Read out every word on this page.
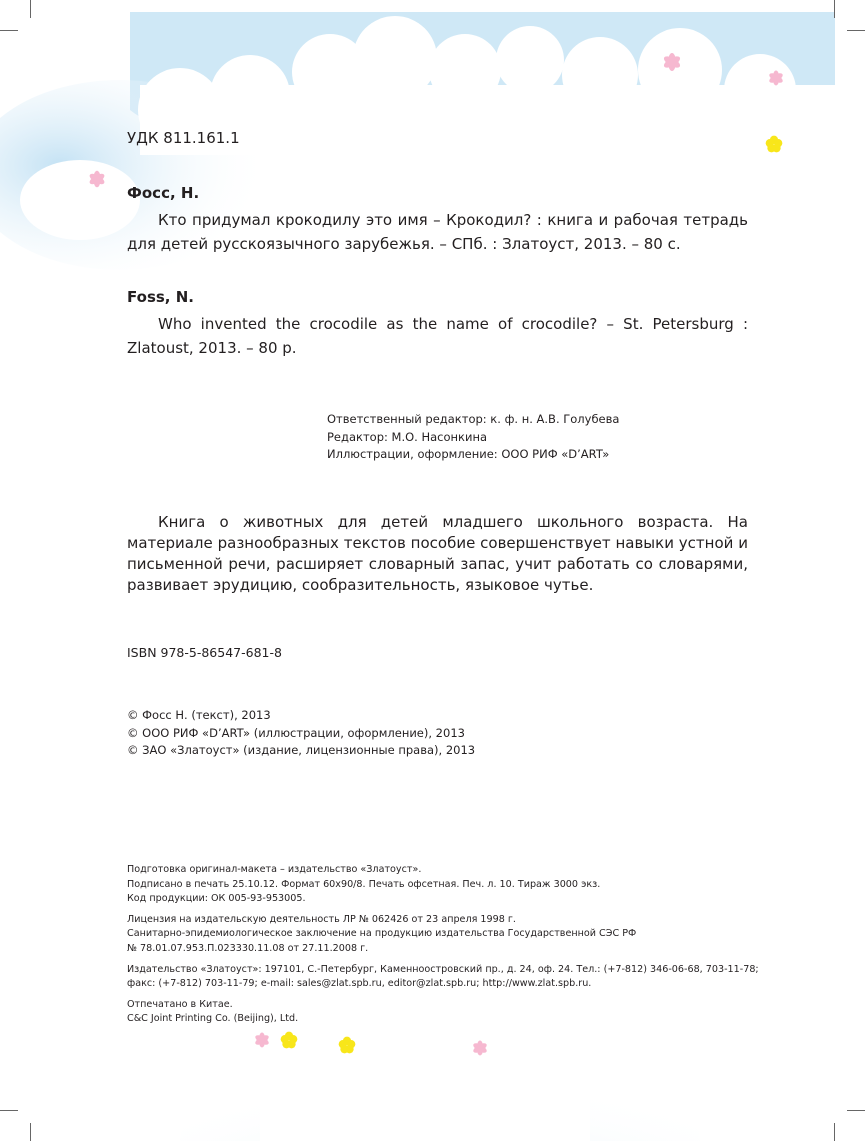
УДК 811.161.1
Фосс, Н.

Кто придумал крокодилу это имя – Крокодил? : книга и рабочая тетрадь для детей русскоязычного зарубежья. – СПб. : Златоуст, 2013. – 80 с.

Foss, N.

Who invented the crocodile as the name of crocodile? – St. Petersburg : Zlatoust, 2013. – 80 p.

Ответственный редактор: к. ф. н. А.В. Голубева
Редактор: М.О. Насонкина
Иллюстрации, оформление: ООО РИФ «D’ART»

Книга о животных для детей младшего школьного возраста. На материале разнообразных текстов пособие совершенствует навыки устной и письменной речи, расширяет словарный запас, учит работать со словарями, развивает эрудицию, сообразительность, языковое чутье.

ISBN 978-5-86547-681-8
© Фосс Н. (текст), 2013
© ООО РИФ «D’ART» (иллюстрации, оформление), 2013
© ЗАО «Златоуст» (издание, лицензионные права), 2013
Подготовка оригинал-макета – издательство «Златоуст».
Подписано в печать 25.10.12. Формат 60х90/8. Печать офсетная. Печ. л. 10. Тираж 3000 экз.
Код продукции: ОК 005-93-953005.
Лицензия на издательскую деятельность ЛР № 062426 от 23 апреля 1998 г.
Санитарно-эпидемиологическое заключение на продукцию издательства Государственной СЭС РФ
№ 78.01.07.953.П.023330.11.08 от 27.11.2008 г.
Издательство «Златоуст»: 197101, С.-Петербург, Каменноостровский пр., д. 24, оф. 24. Тел.: (+7-812) 346-06-68, 703-11-78;
факс: (+7-812) 703-11-79; e-mail: sales@zlat.spb.ru, editor@zlat.spb.ru; http://www.zlat.spb.ru.
Отпечатано в Китае.
C&C Joint Printing Co. (Beijing), Ltd.
